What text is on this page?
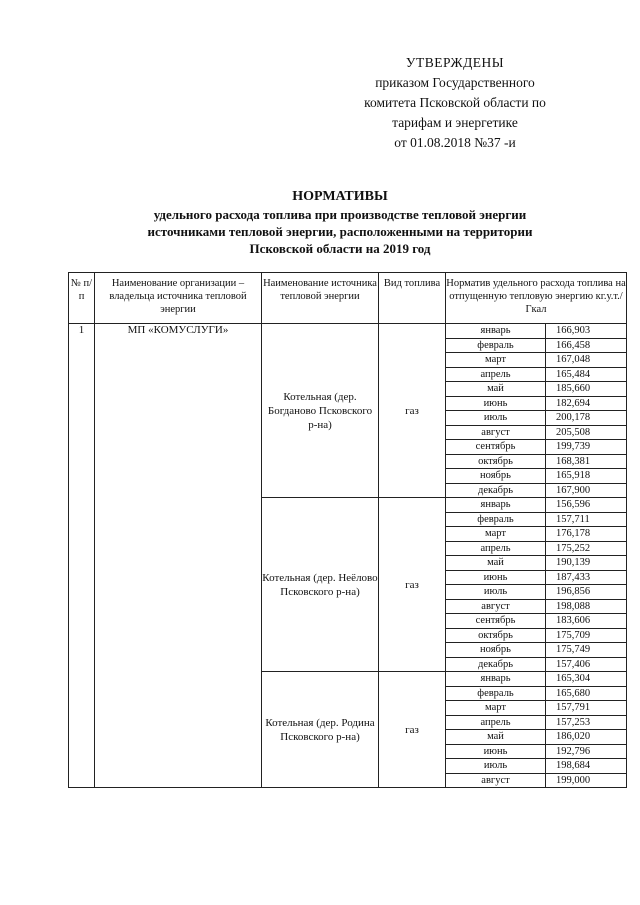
УТВЕРЖДЕНЫ
приказом Государственного
комитета Псковской области по
тарифам и энергетике
от 01.08.2018 №37 -и
НОРМАТИВЫ
удельного расхода топлива при производстве тепловой энергии
источниками тепловой энергии, расположенными на территории
Псковской области на 2019 год
№ п/п	Наименование организации – владельца источника тепловой энергии	Наименование источника тепловой энергии	Вид топлива	Норматив удельного расхода топлива на отпущенную тепловую энергию кг.у.т./Гкал
1	МП «КОМУСЛУГИ»	Котельная (дер. Богданово Псковского р-на)	газ	
январь	166,903
февраль	166,458
март	167,048
апрель	165,484
май	185,660
июнь	182,694
июль	200,178
август	205,508
сентябрь	199,739
октябрь	168,381
ноябрь	165,918
декабрь	167,900

Котельная (дер. Неёлово Псковского р-на)	газ	
январь	156,596
февраль	157,711
март	176,178
апрель	175,252
май	190,139
июнь	187,433
июль	196,856
август	198,088
сентябрь	183,606
октябрь	175,709
ноябрь	175,749
декабрь	157,406

Котельная (дер. Родина Псковского р-на)	газ	
январь	165,304
февраль	165,680
март	157,791
апрель	157,253
май	186,020
июнь	192,796
июль	198,684
август	199,000
